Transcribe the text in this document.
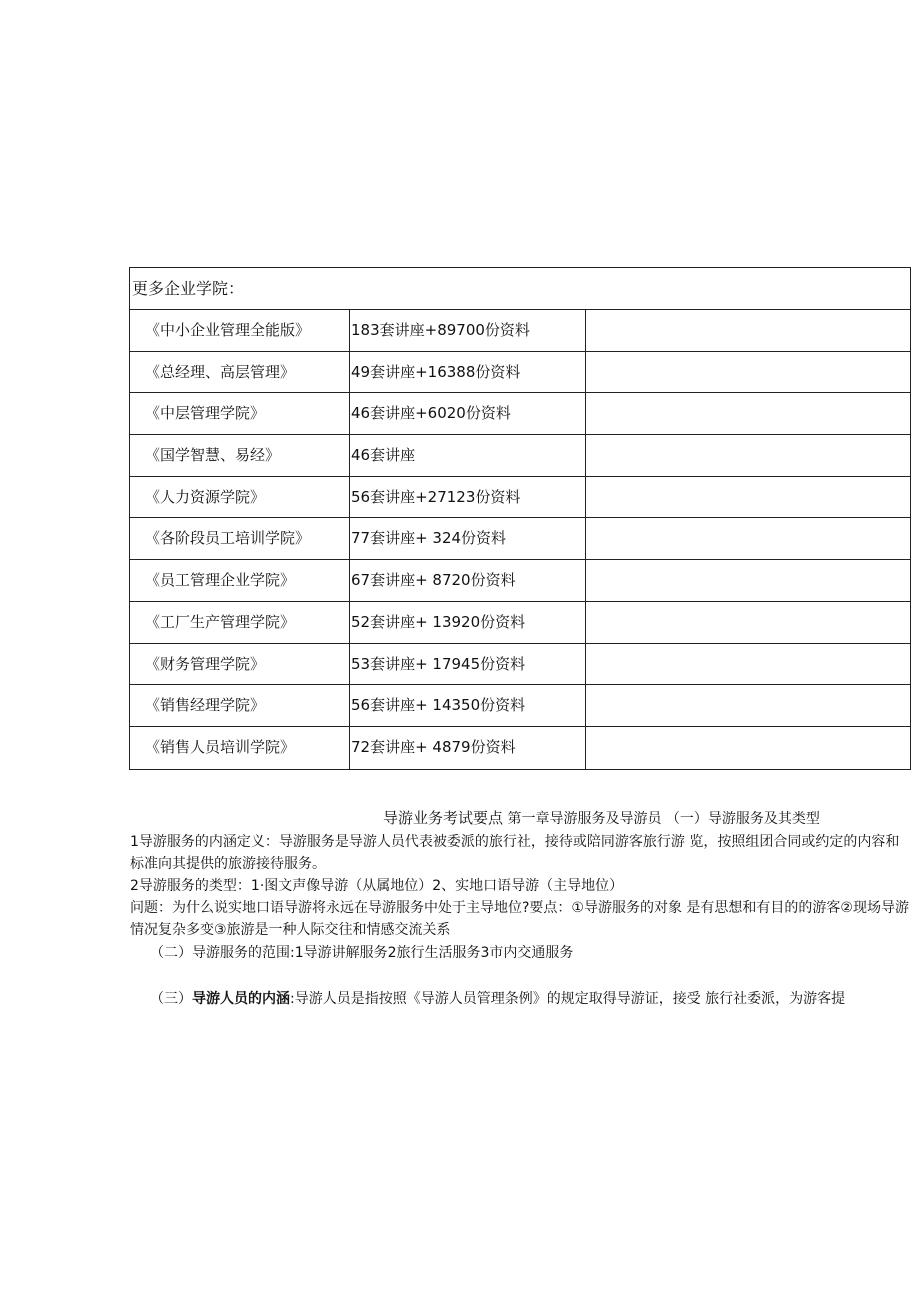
更多企业学院：
《中小企业管理全能版》	183套讲座+89700份资料
《总经理、高层管理》	49套讲座+16388份资料
《中层管理学院》	46套讲座+6020份资料
《国学智慧、易经》	46套讲座
《人力资源学院》	56套讲座+27123份资料
《各阶段员工培训学院》	77套讲座+ 324份资料
《员工管理企业学院》	67套讲座+ 8720份资料
《工厂生产管理学院》	52套讲座+ 13920份资料
《财务管理学院》	53套讲座+ 17945份资料
《销售经理学院》	56套讲座+ 14350份资料
《销售人员培训学院》	72套讲座+ 4879份资料
导游业务考试要点 第一章导游服务及导游员 （一）导游服务及其类型
1导游服务的内涵定义：导游服务是导游人员代表被委派的旅行社，接待或陪同游客旅行游 览，按照组团合同或约定的内容和标准向其提供的旅游接待服务。
2导游服务的类型：1·图文声像导游（从属地位）2、实地口语导游（主导地位）
问题：为什么说实地口语导游将永远在导游服务中处于主导地位?要点：①导游服务的对象 是有思想和有目的的游客②现场导游情况复杂多变③旅游是一种人际交往和情感交流关系
（二）导游服务的范围:1导游讲解服务2旅行生活服务3市内交通服务
（三）导游人员的内涵:导游人员是指按照《导游人员管理条例》的规定取得导游证，接受 旅行社委派，为游客提
